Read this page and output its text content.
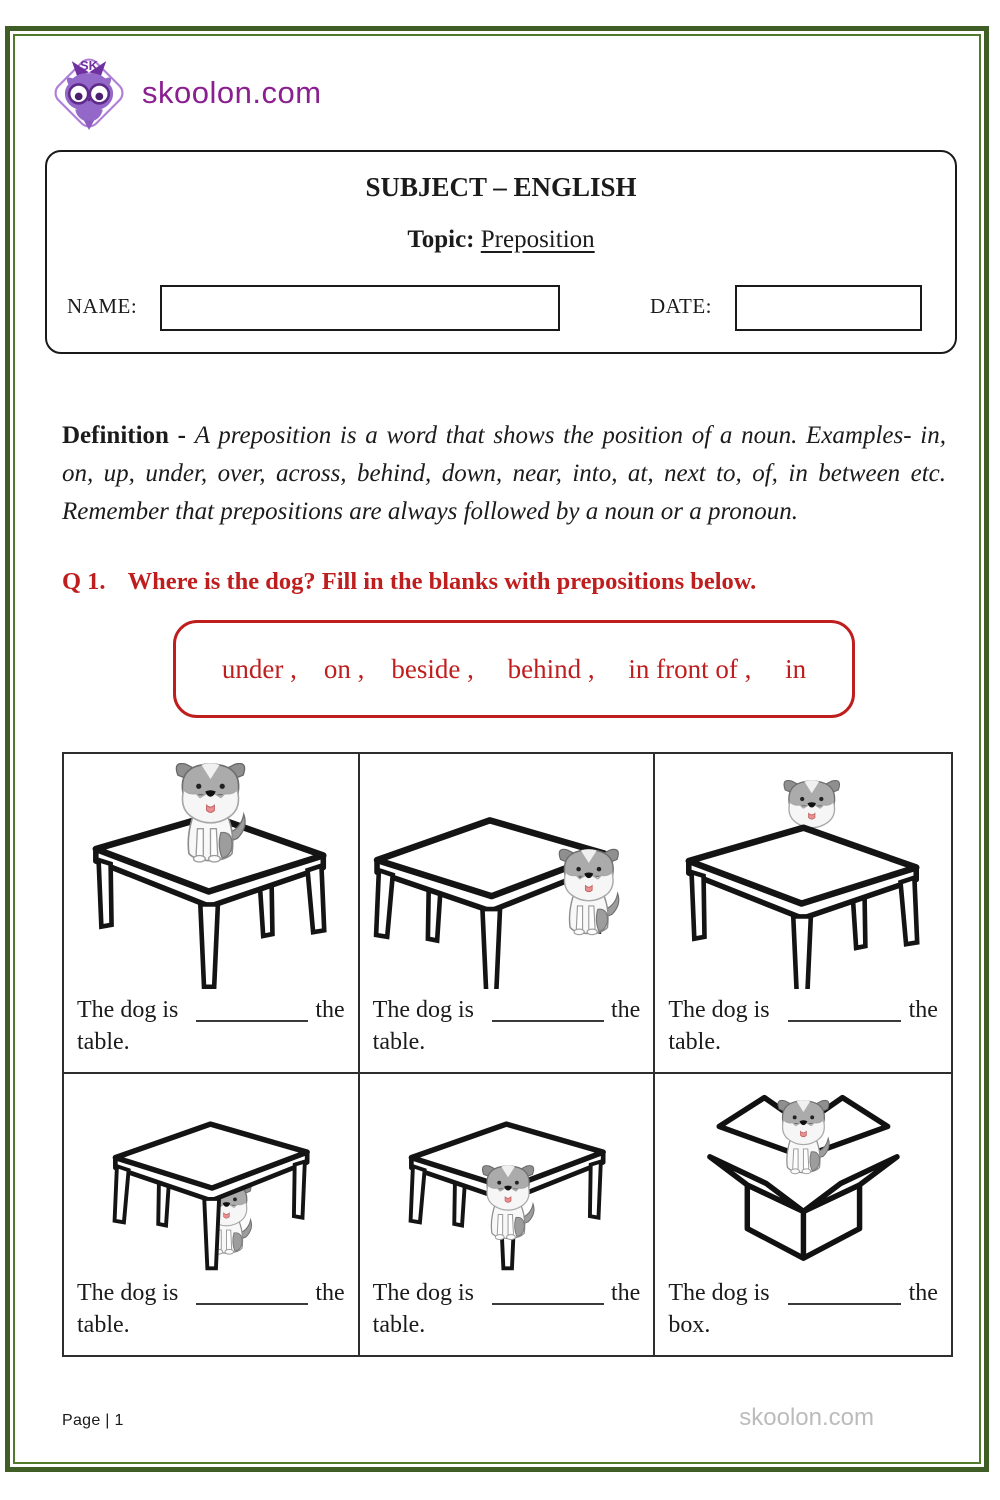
SK
skoolon.com
SUBJECT – ENGLISH
Topic: Preposition
NAME:	DATE:

Definition - A preposition is a word that shows the position of a noun. Examples- in, on, up, under, over, across, behind, down, near, into, at, next to, of, in between etc. Remember that prepositions are always followed by a noun or a pronoun.

Q 1. Where is the dog? Fill in the blanks with prepositions below.
under ,    on ,    beside ,     behind ,     in front of ,     in
The dog is	the
table.
The dog is	the
table.
The dog is	the
table.
The dog is	the
table.
The dog is	the
table.
The dog is	the
box.
Page | 1	skoolon.com
